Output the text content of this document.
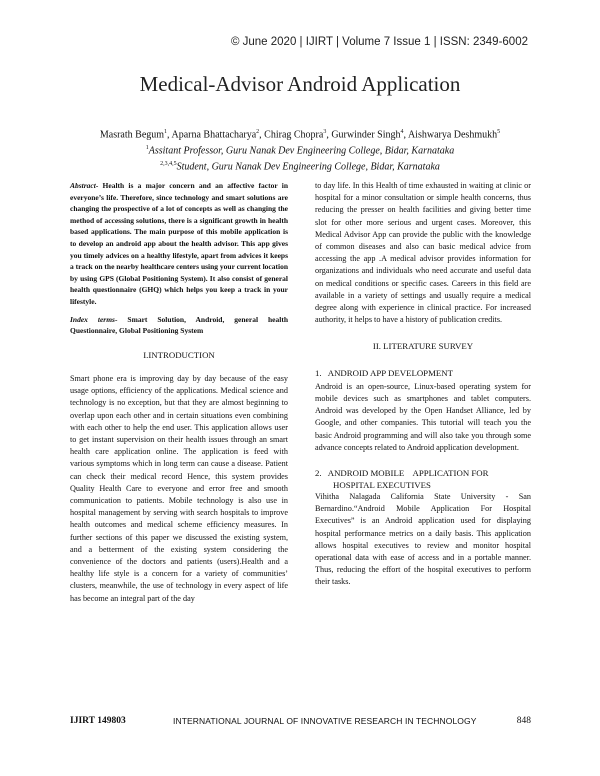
© June 2020 | IJIRT | Volume 7 Issue 1 | ISSN: 2349-6002
Medical-Advisor Android Application
Masrath Begum$^1$, Aparna Bhattacharya$^2$, Chirag Chopra$^3$, Gurwinder Singh$^4$, Aishwarya Deshmukh$^5$
$^1$Assitant Professor, Guru Nanak Dev Engineering College, Bidar, Karnataka
$^{2,3,4,5}$Student, Guru Nanak Dev Engineering College, Bidar, Karnataka

Abstract- Health is a major concern and an affective factor in everyone’s life. Therefore, since technology and smart solutions are changing the prospective of a lot of concepts as well as changing the method of accessing solutions, there is a significant growth in health based applications. The main purpose of this mobile application is to develop an android app about the health advisor. This app gives you timely advices on a healthy lifestyle, apart from advices it keeps a track on the nearby healthcare centers using your current location by using GPS (Global Positioning System). It also consist of general health questionnaire (GHQ) which helps you keep a track in your lifestyle.

Index terms- Smart Solution, Android, general health Questionnaire, Global Positioning System

I.INTRODUCTION

Smart phone era is improving day by day because of the easy usage options, efficiency of the applications. Medical science and technology is no exception, but that they are almost beginning to overlap upon each other and in certain situations even combining with each other to help the end user. This application allows user to get instant supervision on their health issues through an smart health care application online. The application is feed with various symptoms which in long term can cause a disease. Patient can check their medical record Hence, this system provides Quality Health Care to everyone and error free and smooth communication to patients. Mobile technology is also use in hospital management by serving with search hospitals to improve health outcomes and medical scheme efficiency measures. In further sections of this paper we discussed the existing system, and a betterment of the existing system considering the convenience of the doctors and patients (users).Health and a healthy life style is a concern for a variety of communities’ clusters, meanwhile, the use of technology in every aspect of life has become an integral part of the day

to day life. In this Health of time exhausted in waiting at clinic or hospital for a minor consultation or simple health concerns, thus reducing the presser on health facilities and giving better time slot for other more serious and urgent cases. Moreover, this Medical Advisor App can provide the public with the knowledge of common diseases and also can basic medical advice from accessing the app .A medical advisor provides information for organizations and individuals who need accurate and useful data on medical conditions or specific cases. Careers in this field are available in a variety of settings and usually require a medical degree along with experience in clinical practice. For increased authority, it helps to have a history of publication credits.

II. LITERATURE SURVEY

1.   ANDROID APP DEVELOPMENT

Android is an open-source, Linux-based operating system for mobile devices such as smartphones and tablet computers. Android was developed by the Open Handset Alliance, led by Google, and other companies. This tutorial will teach you the basic Android programming and will also take you through some advance concepts related to Android application development.

2.   ANDROID MOBILE    APPLICATION FOR
HOSPITAL EXECUTIVES

Vihitha Nalagada California State University - San Bernardino.“Android Mobile Application For Hospital Executives” is an Android application used for displaying hospital performance metrics on a daily basis. This application allows hospital executives to review and monitor hospital operational data with ease of access and in a portable manner. Thus, reducing the effort of the hospital executives to perform their tasks.

IJIRT 149803	INTERNATIONAL JOURNAL OF INNOVATIVE RESEARCH IN TECHNOLOGY	848
